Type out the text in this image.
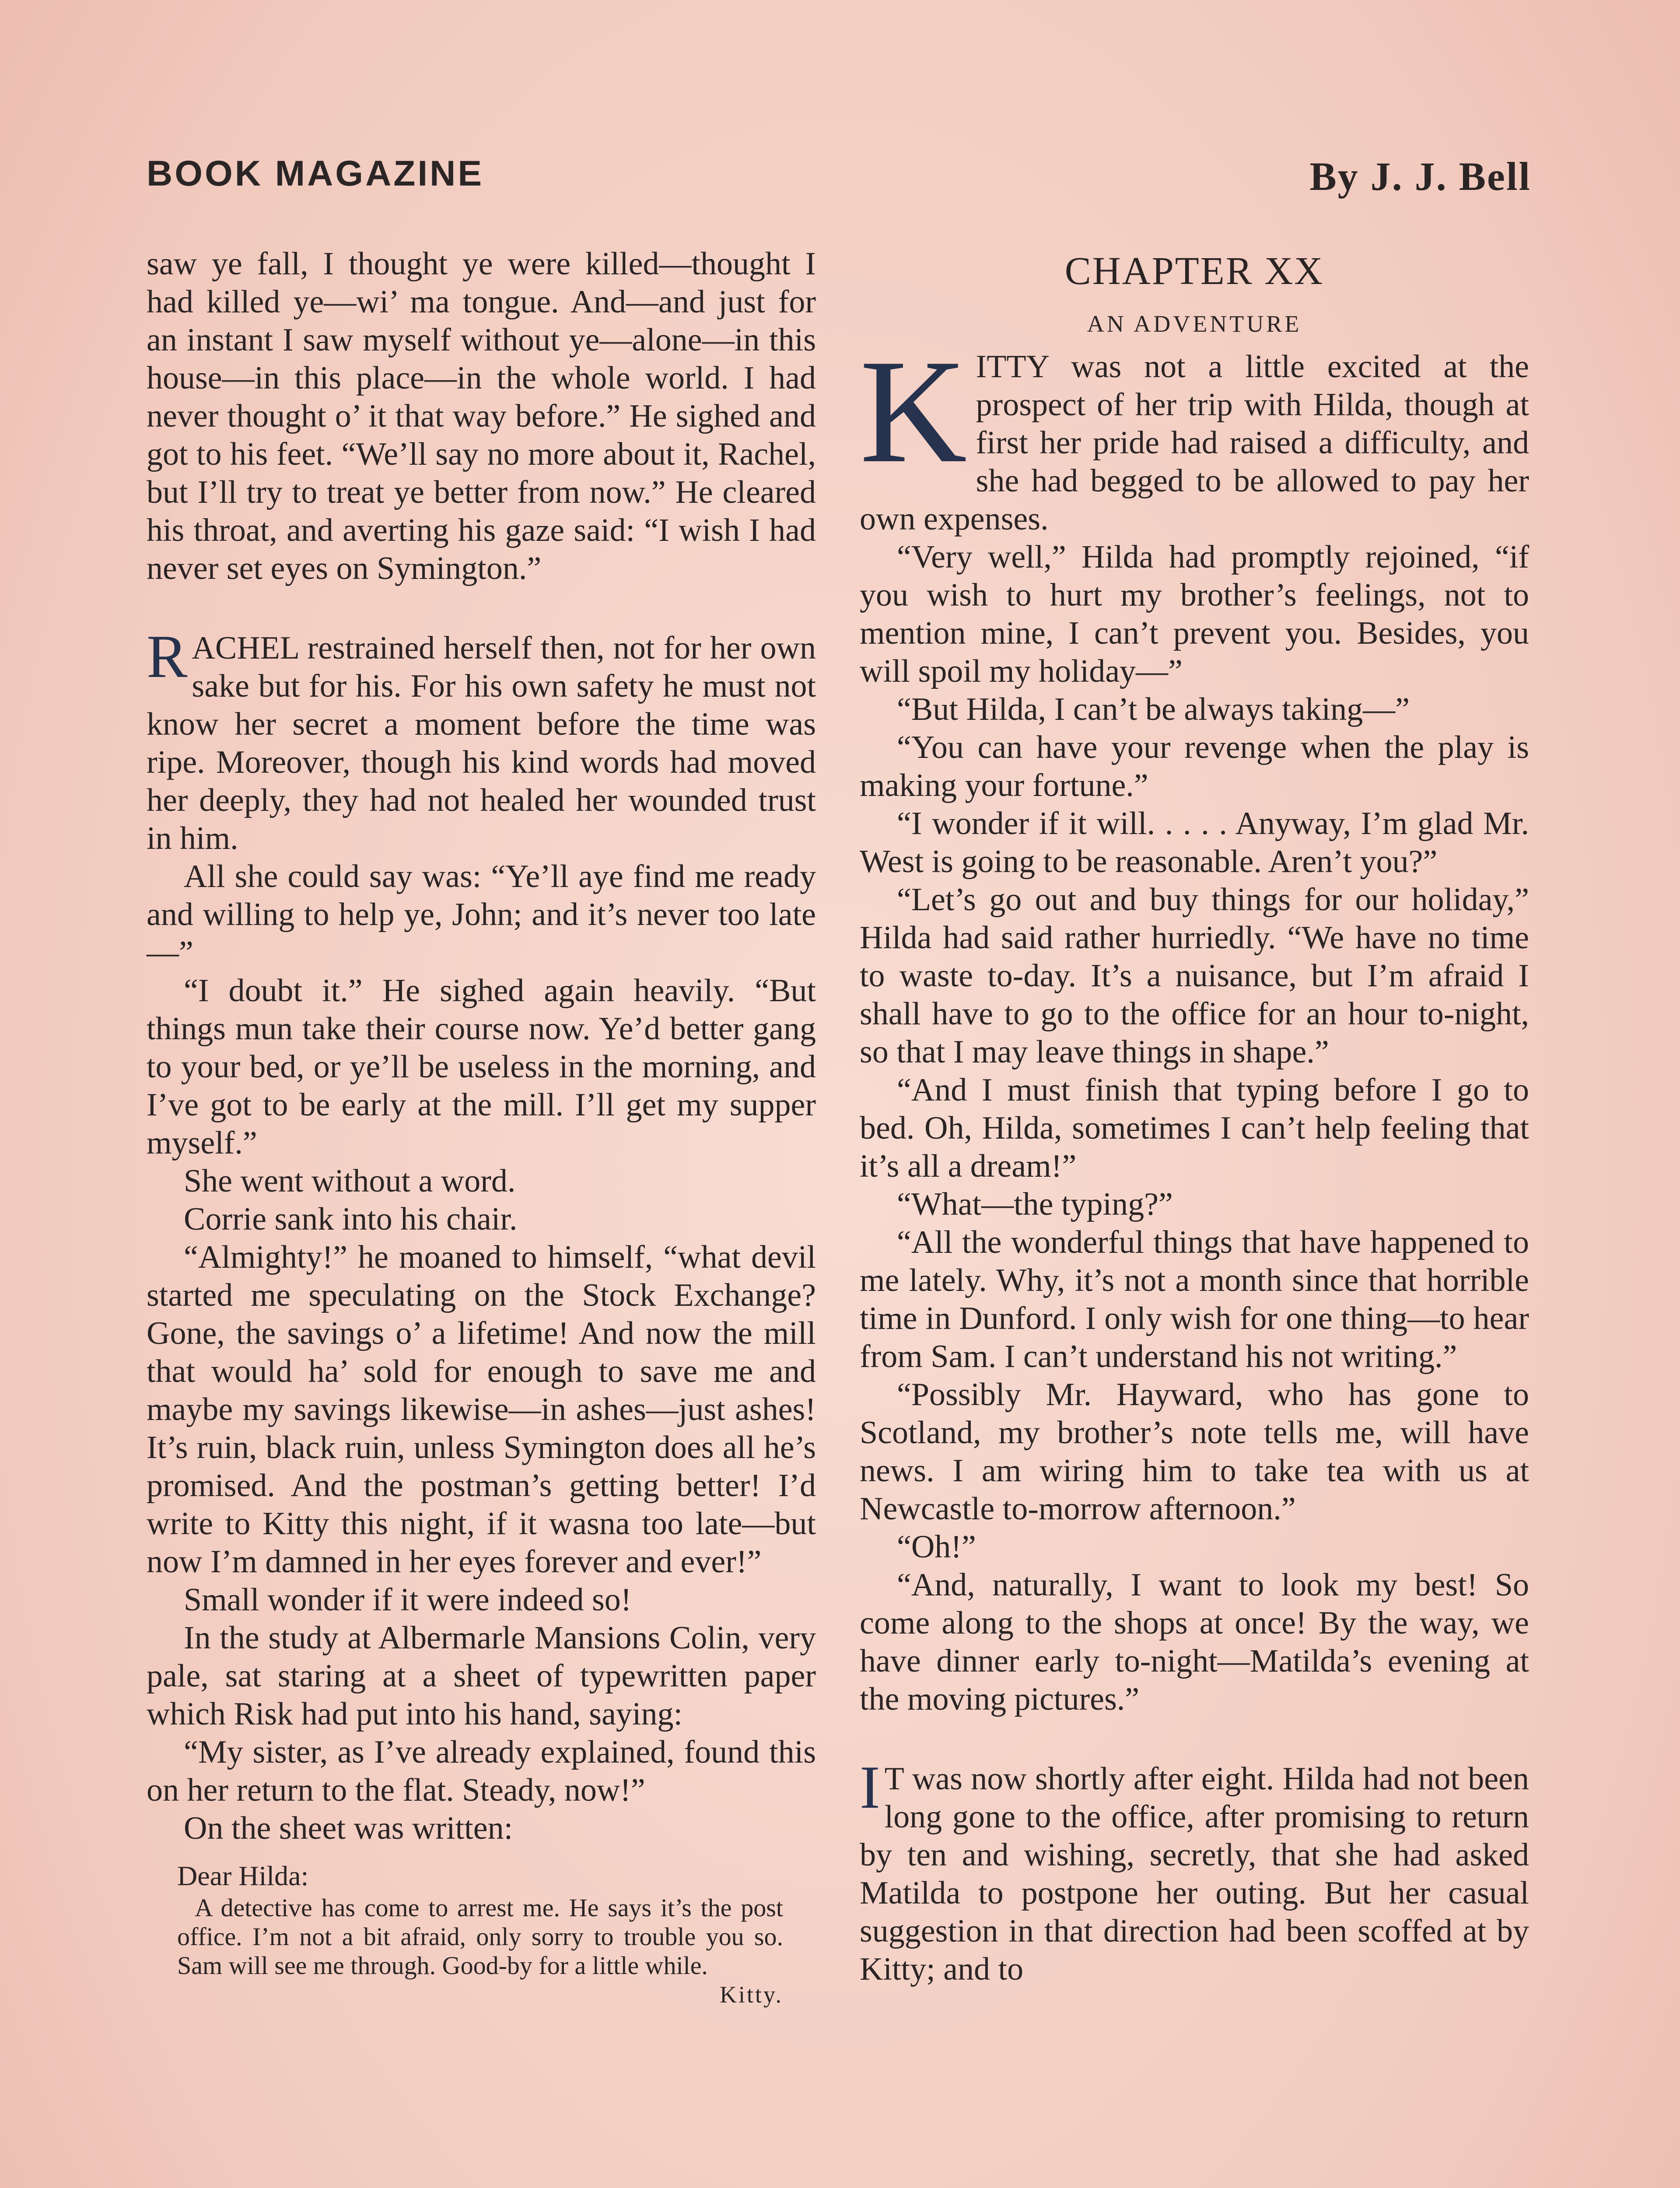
BOOK MAGAZINE	By J. J. Bell

saw ye fall, I thought ye were killed—thought I had killed ye—wi’ ma tongue. And—and just for an instant I saw myself without ye—alone—in this house—in this place—in the whole world. I had never thought o’ it that way before.” He sighed and got to his feet. “We’ll say no more about it, Rachel, but I’ll try to treat ye better from now.” He cleared his throat, and averting his gaze said: “I wish I had never set eyes on Symington.”

RACHEL restrained herself then, not for her own sake but for his. For his own safety he must not know her secret a moment before the time was ripe. Moreover, though his kind words had moved her deeply, they had not healed her wounded trust in him.

All she could say was: “Ye’ll aye find me ready and willing to help ye, John; and it’s never too late—”

“I doubt it.” He sighed again heavily. “But things mun take their course now. Ye’d better gang to your bed, or ye’ll be useless in the morning, and I’ve got to be early at the mill. I’ll get my supper myself.”

She went without a word.

Corrie sank into his chair.

“Almighty!” he moaned to himself, “what devil started me speculating on the Stock Exchange? Gone, the savings o’ a lifetime! And now the mill that would ha’ sold for enough to save me and maybe my savings likewise—in ashes—just ashes! It’s ruin, black ruin, unless Symington does all he’s promised. And the postman’s getting better! I’d write to Kitty this night, if it wasna too late—but now I’m damned in her eyes forever and ever!”

Small wonder if it were indeed so!

In the study at Albermarle Mansions Colin, very pale, sat staring at a sheet of typewritten paper which Risk had put into his hand, saying:

“My sister, as I’ve already explained, found this on her return to the flat. Steady, now!”

On the sheet was written:

Dear Hilda:

A detective has come to arrest me. He says it’s the post office. I’m not a bit afraid, only sorry to trouble you so. Sam will see me through. Good-by for a little while.
Kitty.

CHAPTER XX
AN ADVENTURE

KITTY was not a little excited at the prospect of her trip with Hilda, though at first her pride had raised a difficulty, and she had begged to be allowed to pay her own expenses.

“Very well,” Hilda had promptly rejoined, “if you wish to hurt my brother’s feelings, not to mention mine, I can’t prevent you. Besides, you will spoil my holiday—”

“But Hilda, I can’t be always taking—”

“You can have your revenge when the play is making your fortune.”

“I wonder if it will. . . . . Anyway, I’m glad Mr. West is going to be reasonable. Aren’t you?”

“Let’s go out and buy things for our holiday,” Hilda had said rather hurriedly. “We have no time to waste to-day. It’s a nuisance, but I’m afraid I shall have to go to the office for an hour to-night, so that I may leave things in shape.”

“And I must finish that typing before I go to bed. Oh, Hilda, sometimes I can’t help feeling that it’s all a dream!”

“What—the typing?”

“All the wonderful things that have happened to me lately. Why, it’s not a month since that horrible time in Dunford. I only wish for one thing—to hear from Sam. I can’t understand his not writing.”

“Possibly Mr. Hayward, who has gone to Scotland, my brother’s note tells me, will have news. I am wiring him to take tea with us at Newcastle to-morrow afternoon.”

“Oh!”

“And, naturally, I want to look my best! So come along to the shops at once! By the way, we have dinner early to-night—Matilda’s evening at the moving pictures.”

I T was now shortly after eight. Hilda had not been long gone to the office, after promising to return by ten and wishing, secretly, that she had asked Matilda to postpone her outing. But her casual suggestion in that direction had been scoffed at by Kitty; and to
